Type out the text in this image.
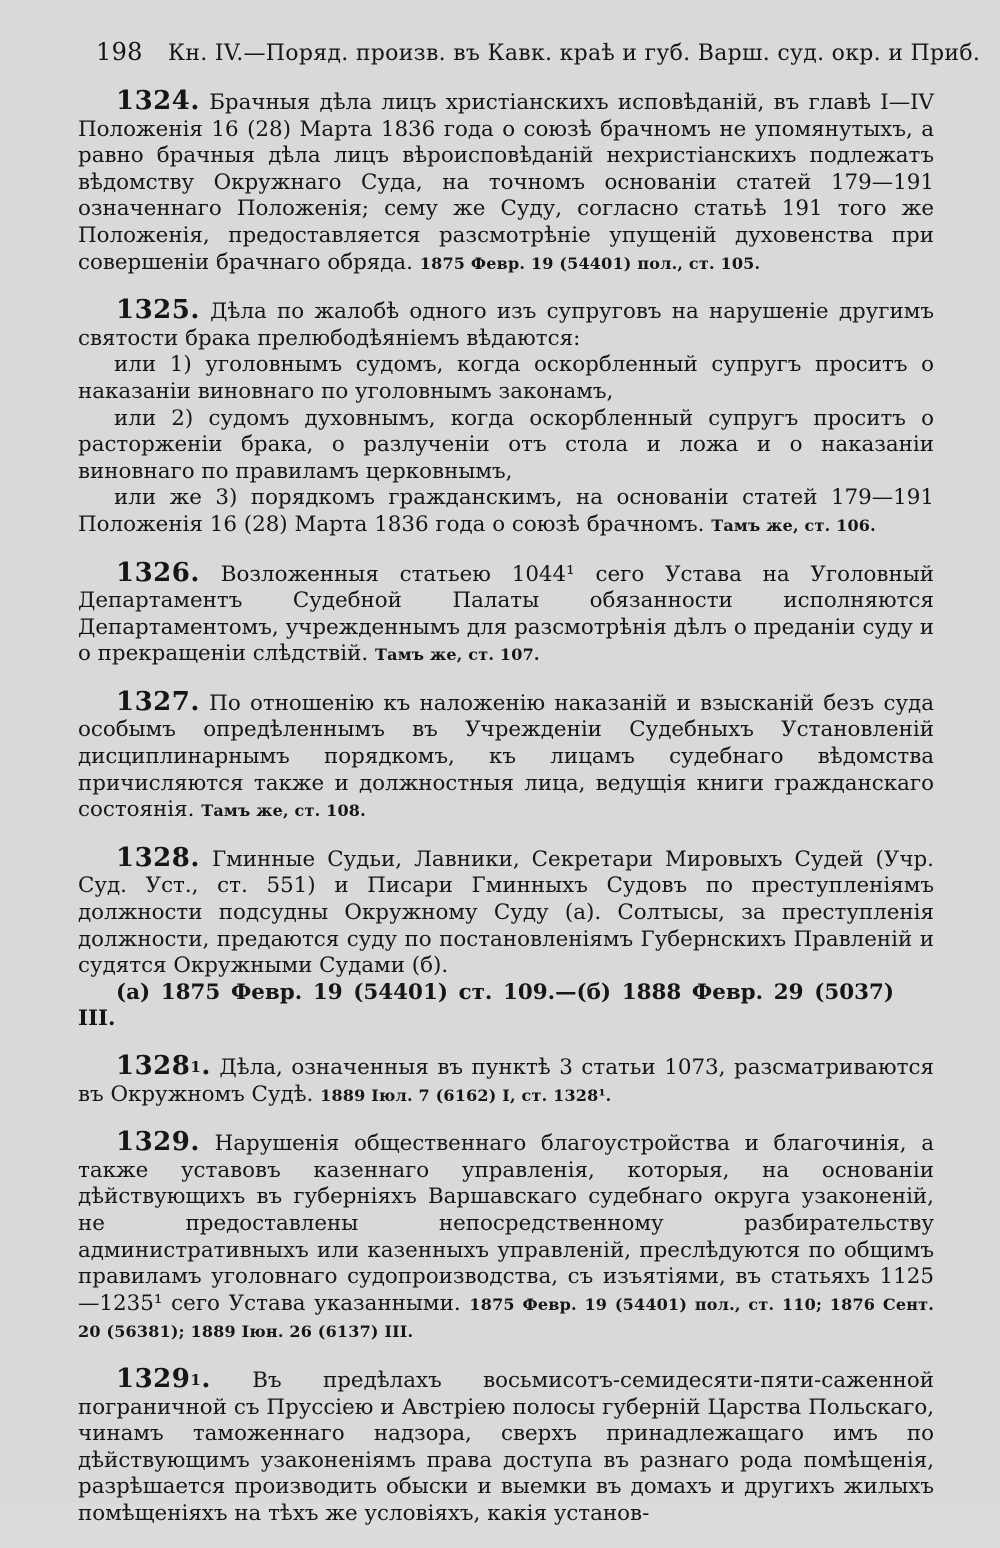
198 Кн. IV.—Поряд. произв. въ Кавк. краѣ и губ. Варш. суд. окр. и Приб.

1324. Брачныя дѣла лицъ христіанскихъ исповѣданій, въ главѣ I—IV Положенія 16 (28) Марта 1836 года о союзѣ брачномъ не упомянутыхъ, а равно брачныя дѣла лицъ вѣроисповѣданій нехристіанскихъ подлежатъ вѣдомству Окружнаго Суда, на точномъ основаніи статей 179—191 означеннаго Положенія; сему же Суду, согласно статьѣ 191 того же Положенія, предоставляется разсмотрѣніе упущеній духовенства при совершеніи брачнаго обряда. 1875 Февр. 19 (54401) пол., ст. 105.

1325. Дѣла по жалобѣ одного изъ супруговъ на нарушеніе другимъ святости брака прелюбодѣяніемъ вѣдаются:

или 1) уголовнымъ судомъ, когда оскорбленный супругъ проситъ о наказаніи виновнаго по уголовнымъ законамъ,

или 2) судомъ духовнымъ, когда оскорбленный супругъ проситъ о расторженіи брака, о разлученіи отъ стола и ложа и о наказаніи виновнаго по правиламъ церковнымъ,

или же 3) порядкомъ гражданскимъ, на основаніи статей 179—191 Положенія 16 (28) Марта 1836 года о союзѣ брачномъ. Тамъ же, ст. 106.

1326. Возложенныя статьею 1044¹ сего Устава на Уголовный Департаментъ Судебной Палаты обязанности исполняются Департаментомъ, учрежденнымъ для разсмотрѣнія дѣлъ о преданіи суду и о прекращеніи слѣдствій. Тамъ же, ст. 107.

1327. По отношенію къ наложенію наказаній и взысканій безъ суда особымъ опредѣленнымъ въ Учрежденіи Судебныхъ Установленій дисциплинарнымъ порядкомъ, къ лицамъ судебнаго вѣдомства причисляются также и должностныя лица, ведущія книги гражданскаго состоянія. Тамъ же, ст. 108.

1328. Гминные Судьи, Лавники, Секретари Мировыхъ Судей (Учр. Суд. Уст., ст. 551) и Писари Гминныхъ Судовъ по преступленіямъ должности подсудны Окружному Суду (а). Солтысы, за преступленія должности, предаются суду по постановленіямъ Губернскихъ Правленій и судятся Окружными Судами (б).

(а) 1875 Февр. 19 (54401) ст. 109.—(б) 1888 Февр. 29 (5037) III.

1328$^1$. Дѣла, означенныя въ пунктѣ 3 статьи 1073, разсматриваются въ Окружномъ Судѣ. 1889 Іюл. 7 (6162) I, ст. 1328¹.

1329. Нарушенія общественнаго благоустройства и благочинія, а также уставовъ казеннаго управленія, которыя, на основаніи дѣйствующихъ въ губерніяхъ Варшавскаго судебнаго округа узаконеній, не предоставлены непосредственному разбирательству административныхъ или казенныхъ управленій, преслѣдуются по общимъ правиламъ уголовнаго судопроизводства, съ изъятіями, въ статьяхъ 1125—1235¹ сего Устава указанными. 1875 Февр. 19 (54401) пол., ст. 110; 1876 Сент. 20 (56381); 1889 Іюн. 26 (6137) III.

1329$^1$. Въ предѣлахъ восьмисотъ-семидесяти-пяти-саженной пограничной съ Пруссіею и Австріею полосы губерній Царства Польскаго, чинамъ таможеннаго надзора, сверхъ принадлежащаго имъ по дѣйствующимъ узаконеніямъ права доступа въ разнаго рода помѣщенія, разрѣшается производить обыски и выемки въ домахъ и другихъ жилыхъ помѣщеніяхъ на тѣхъ же условіяхъ, какія установ-
